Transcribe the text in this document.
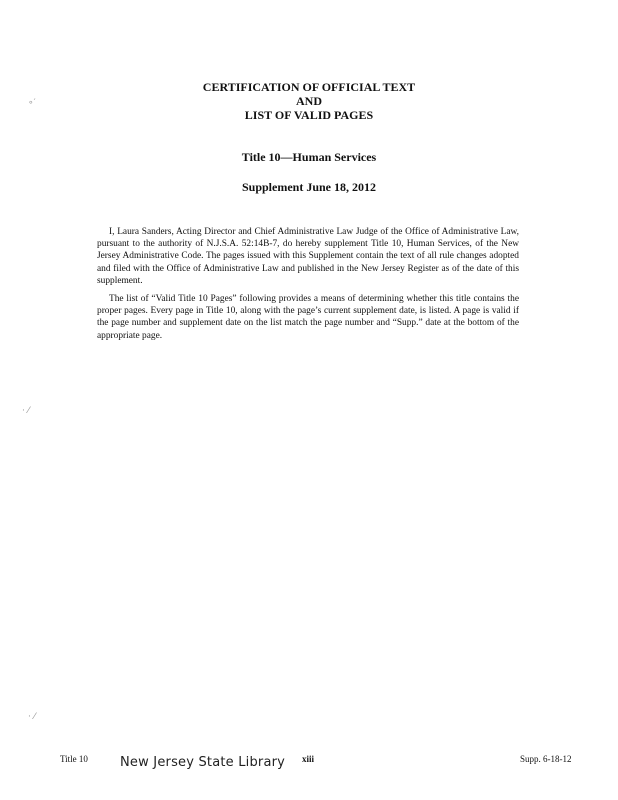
∘′
· ⁄
· ⁄
CERTIFICATION OF OFFICIAL TEXT
AND
LIST OF VALID PAGES
Title 10—Human Services
Supplement June 18, 2012

I, Laura Sanders, Acting Director and Chief Administrative Law Judge of the Office of Administrative Law, pursuant to the authority of N.J.S.A. 52:14B-7, do hereby supplement Title 10, Human Services, of the New Jersey Administrative Code. The pages issued with this Supplement contain the text of all rule changes adopted and filed with the Office of Administrative Law and published in the New Jersey Register as of the date of this supplement.

The list of “Valid Title 10 Pages” following provides a means of determining whether this title contains the proper pages. Every page in Title 10, along with the page’s current supplement date, is listed. A page is valid if the page number and supplement date on the list match the page number and “Supp.” date at the bottom of the appropriate page.

Title 10 New Jersey State Library xiii	Supp. 6-18-12
